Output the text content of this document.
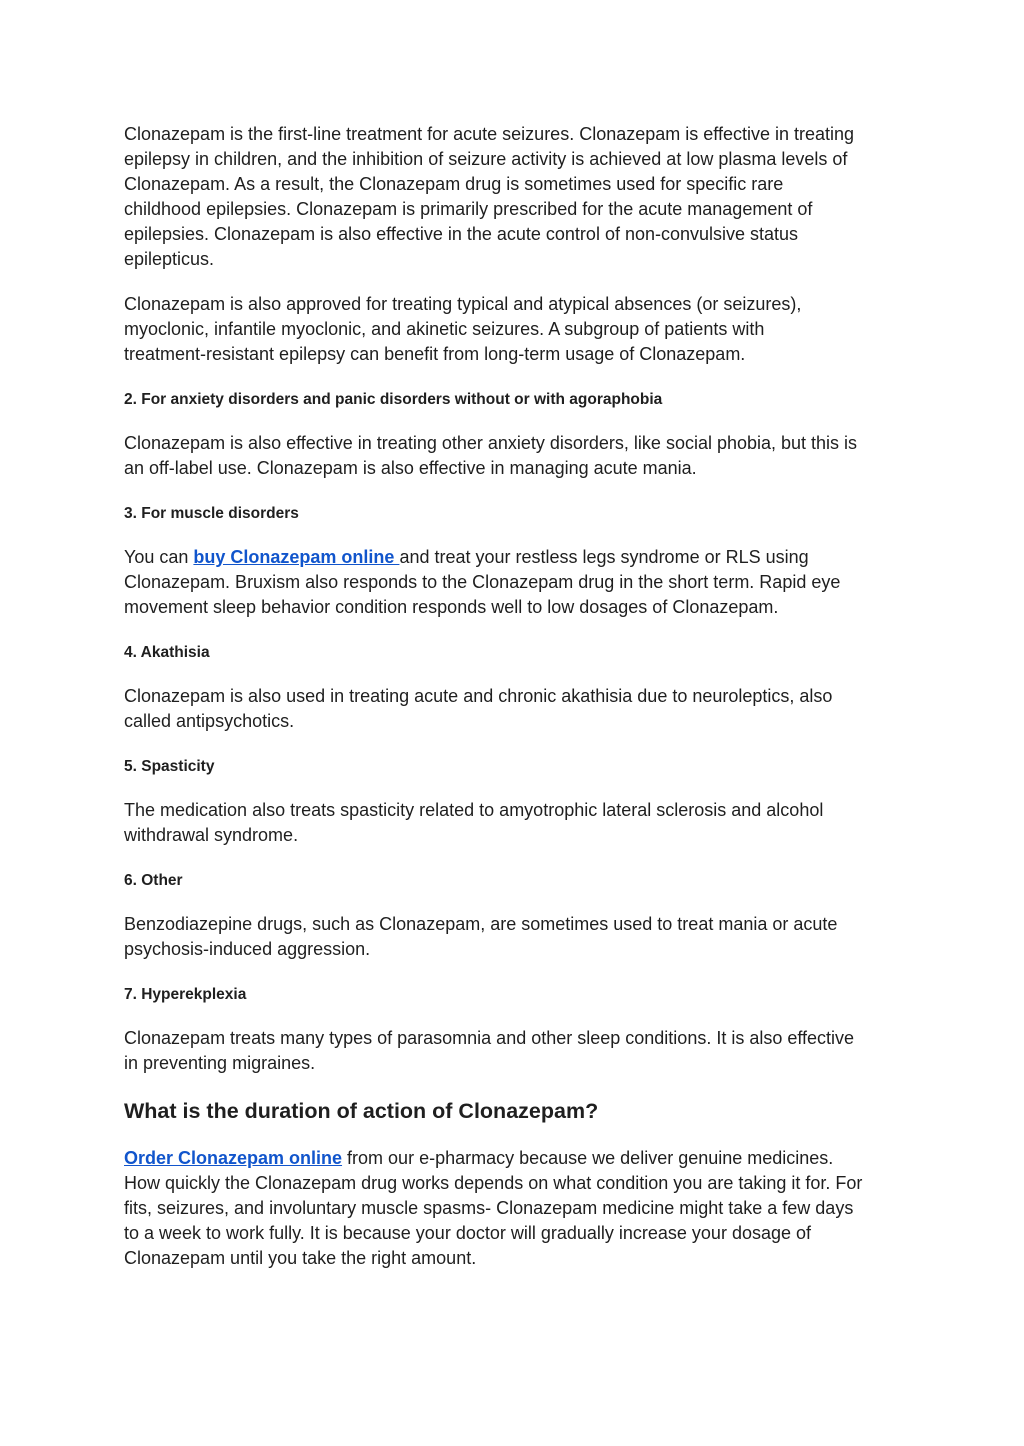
Clonazepam is the first-line treatment for acute seizures. Clonazepam is effective in treating
epilepsy in children, and the inhibition of seizure activity is achieved at low plasma levels of
Clonazepam. As a result, the Clonazepam drug is sometimes used for specific rare
childhood epilepsies. Clonazepam is primarily prescribed for the acute management of
epilepsies. Clonazepam is also effective in the acute control of non-convulsive status
epilepticus.

Clonazepam is also approved for treating typical and atypical absences (or seizures),
myoclonic, infantile myoclonic, and akinetic seizures. A subgroup of patients with
treatment-resistant epilepsy can benefit from long-term usage of Clonazepam.

2. For anxiety disorders and panic disorders without or with agoraphobia

Clonazepam is also effective in treating other anxiety disorders, like social phobia, but this is
an off-label use. Clonazepam is also effective in managing acute mania.

3. For muscle disorders

You can buy Clonazepam online and treat your restless legs syndrome or RLS using
Clonazepam. Bruxism also responds to the Clonazepam drug in the short term. Rapid eye
movement sleep behavior condition responds well to low dosages of Clonazepam.

4. Akathisia

Clonazepam is also used in treating acute and chronic akathisia due to neuroleptics, also
called antipsychotics.

5. Spasticity

The medication also treats spasticity related to amyotrophic lateral sclerosis and alcohol
withdrawal syndrome.

6. Other

Benzodiazepine drugs, such as Clonazepam, are sometimes used to treat mania or acute
psychosis-induced aggression.

7. Hyperekplexia

Clonazepam treats many types of parasomnia and other sleep conditions. It is also effective
in preventing migraines.

What is the duration of action of Clonazepam?

Order Clonazepam online from our e-pharmacy because we deliver genuine medicines.
How quickly the Clonazepam drug works depends on what condition you are taking it for. For
fits, seizures, and involuntary muscle spasms- Clonazepam medicine might take a few days
to a week to work fully. It is because your doctor will gradually increase your dosage of
Clonazepam until you take the right amount.
